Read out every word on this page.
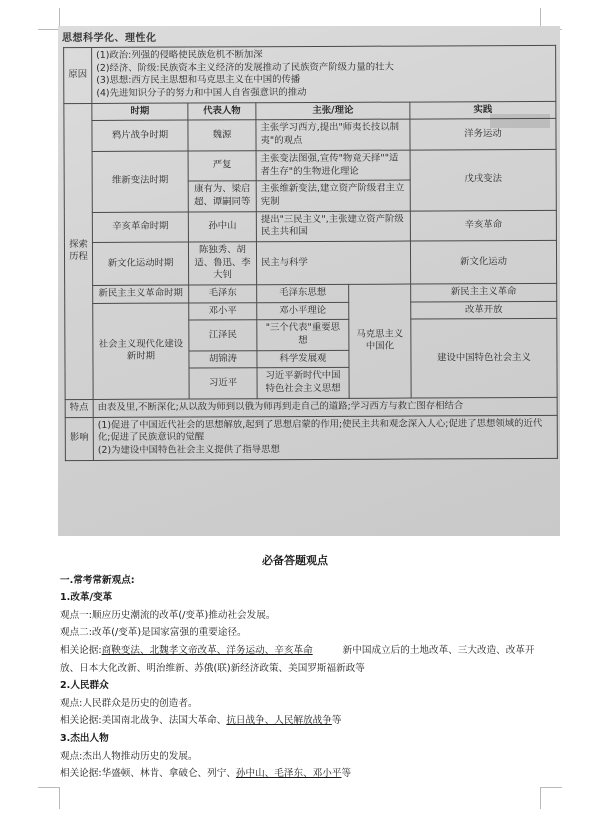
思想科学化、理性化
原因	(1)政治:列强的侵略使民族危机不断加深
(2)经济、阶级:民族资本主义经济的发展推动了民族资产阶级力量的壮大
(3)思想:西方民主思想和马克思主义在中国的传播
(4)先进知识分子的努力和中国人自省强意识的推动				

探索历程	时期	代表人物	主张/理论		实践
	鸦片战争时期	魏源	主张学习西方,提出"师夷长技以制夷"的观点		洋务运动
	维新变法时期	严复	主张变法图强,宣传"物竞天择""适者生存"的生物进化理论		戊戌变法
		康有为、梁启超、谭嗣同等	主张维新变法,建立资产阶级君主立宪制		
	辛亥革命时期	孙中山	提出"三民主义",主张建立资产阶级民主共和国		辛亥革命
	新文化运动时期	陈独秀、胡适、鲁迅、李大钊	民主与科学		新文化运动
	新民主主义革命时期	毛泽东	毛泽东思想	马克思主义中国化	新民主主义革命
	社会主义现代化建设新时期	邓小平	邓小平理论		改革开放
		江泽民	"三个代表"重要思想		建设中国特色社会主义
		胡锦涛	科学发展观		
		习近平	习近平新时代中国特色社会主义思想		
特点	由表及里,不断深化;从以敌为师到以俄为师再到走自己的道路;学习西方与救亡图存相结合				
影响	(1)促进了中国近代社会的思想解放,起到了思想启蒙的作用;使民主共和观念深入人心;促进了思想领域的近代化;促进了民族意识的觉醒
(2)为建设中国特色社会主义提供了指导思想				
必备答题观点
一.常考常新观点:
1.改革/变革
观点一:顺应历史潮流的改革(/变革)推动社会发展。
观点二:改革(/变革)是国家富强的重要途径。
相关论据:商鞅变法、北魏孝文帝改革、洋务运动、辛亥革命	新中国成立后的土地改革、三大改造、改革开放、日本大化改新、明治维新、苏俄(联)新经济政策、美国罗斯福新政等
2.人民群众
观点:人民群众是历史的创造者。
相关论据:美国南北战争、法国大革命、抗日战争、人民解放战争等
3.杰出人物
观点:杰出人物推动历史的发展。
相关论据:华盛顿、林肯、拿破仑、列宁、孙中山、毛泽东、邓小平等
